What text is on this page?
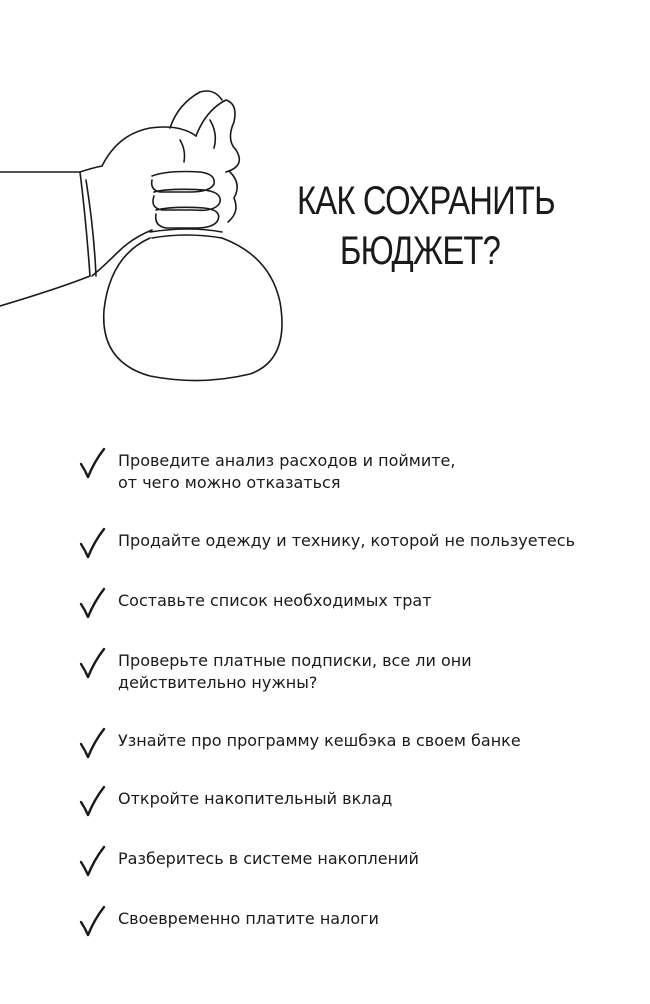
КАК СОХРАНИТЬ
БЮДЖЕТ?
Проведите анализ расходов и поймите,
от чего можно отказаться
Продайте одежду и технику, которой не пользуетесь
Составьте список необходимых трат
Проверьте платные подписки, все ли они
действительно нужны?
Узнайте про программу кешбэка в своем банке
Откройте накопительный вклад
Разберитесь в системе накоплений
Своевременно платите налоги
